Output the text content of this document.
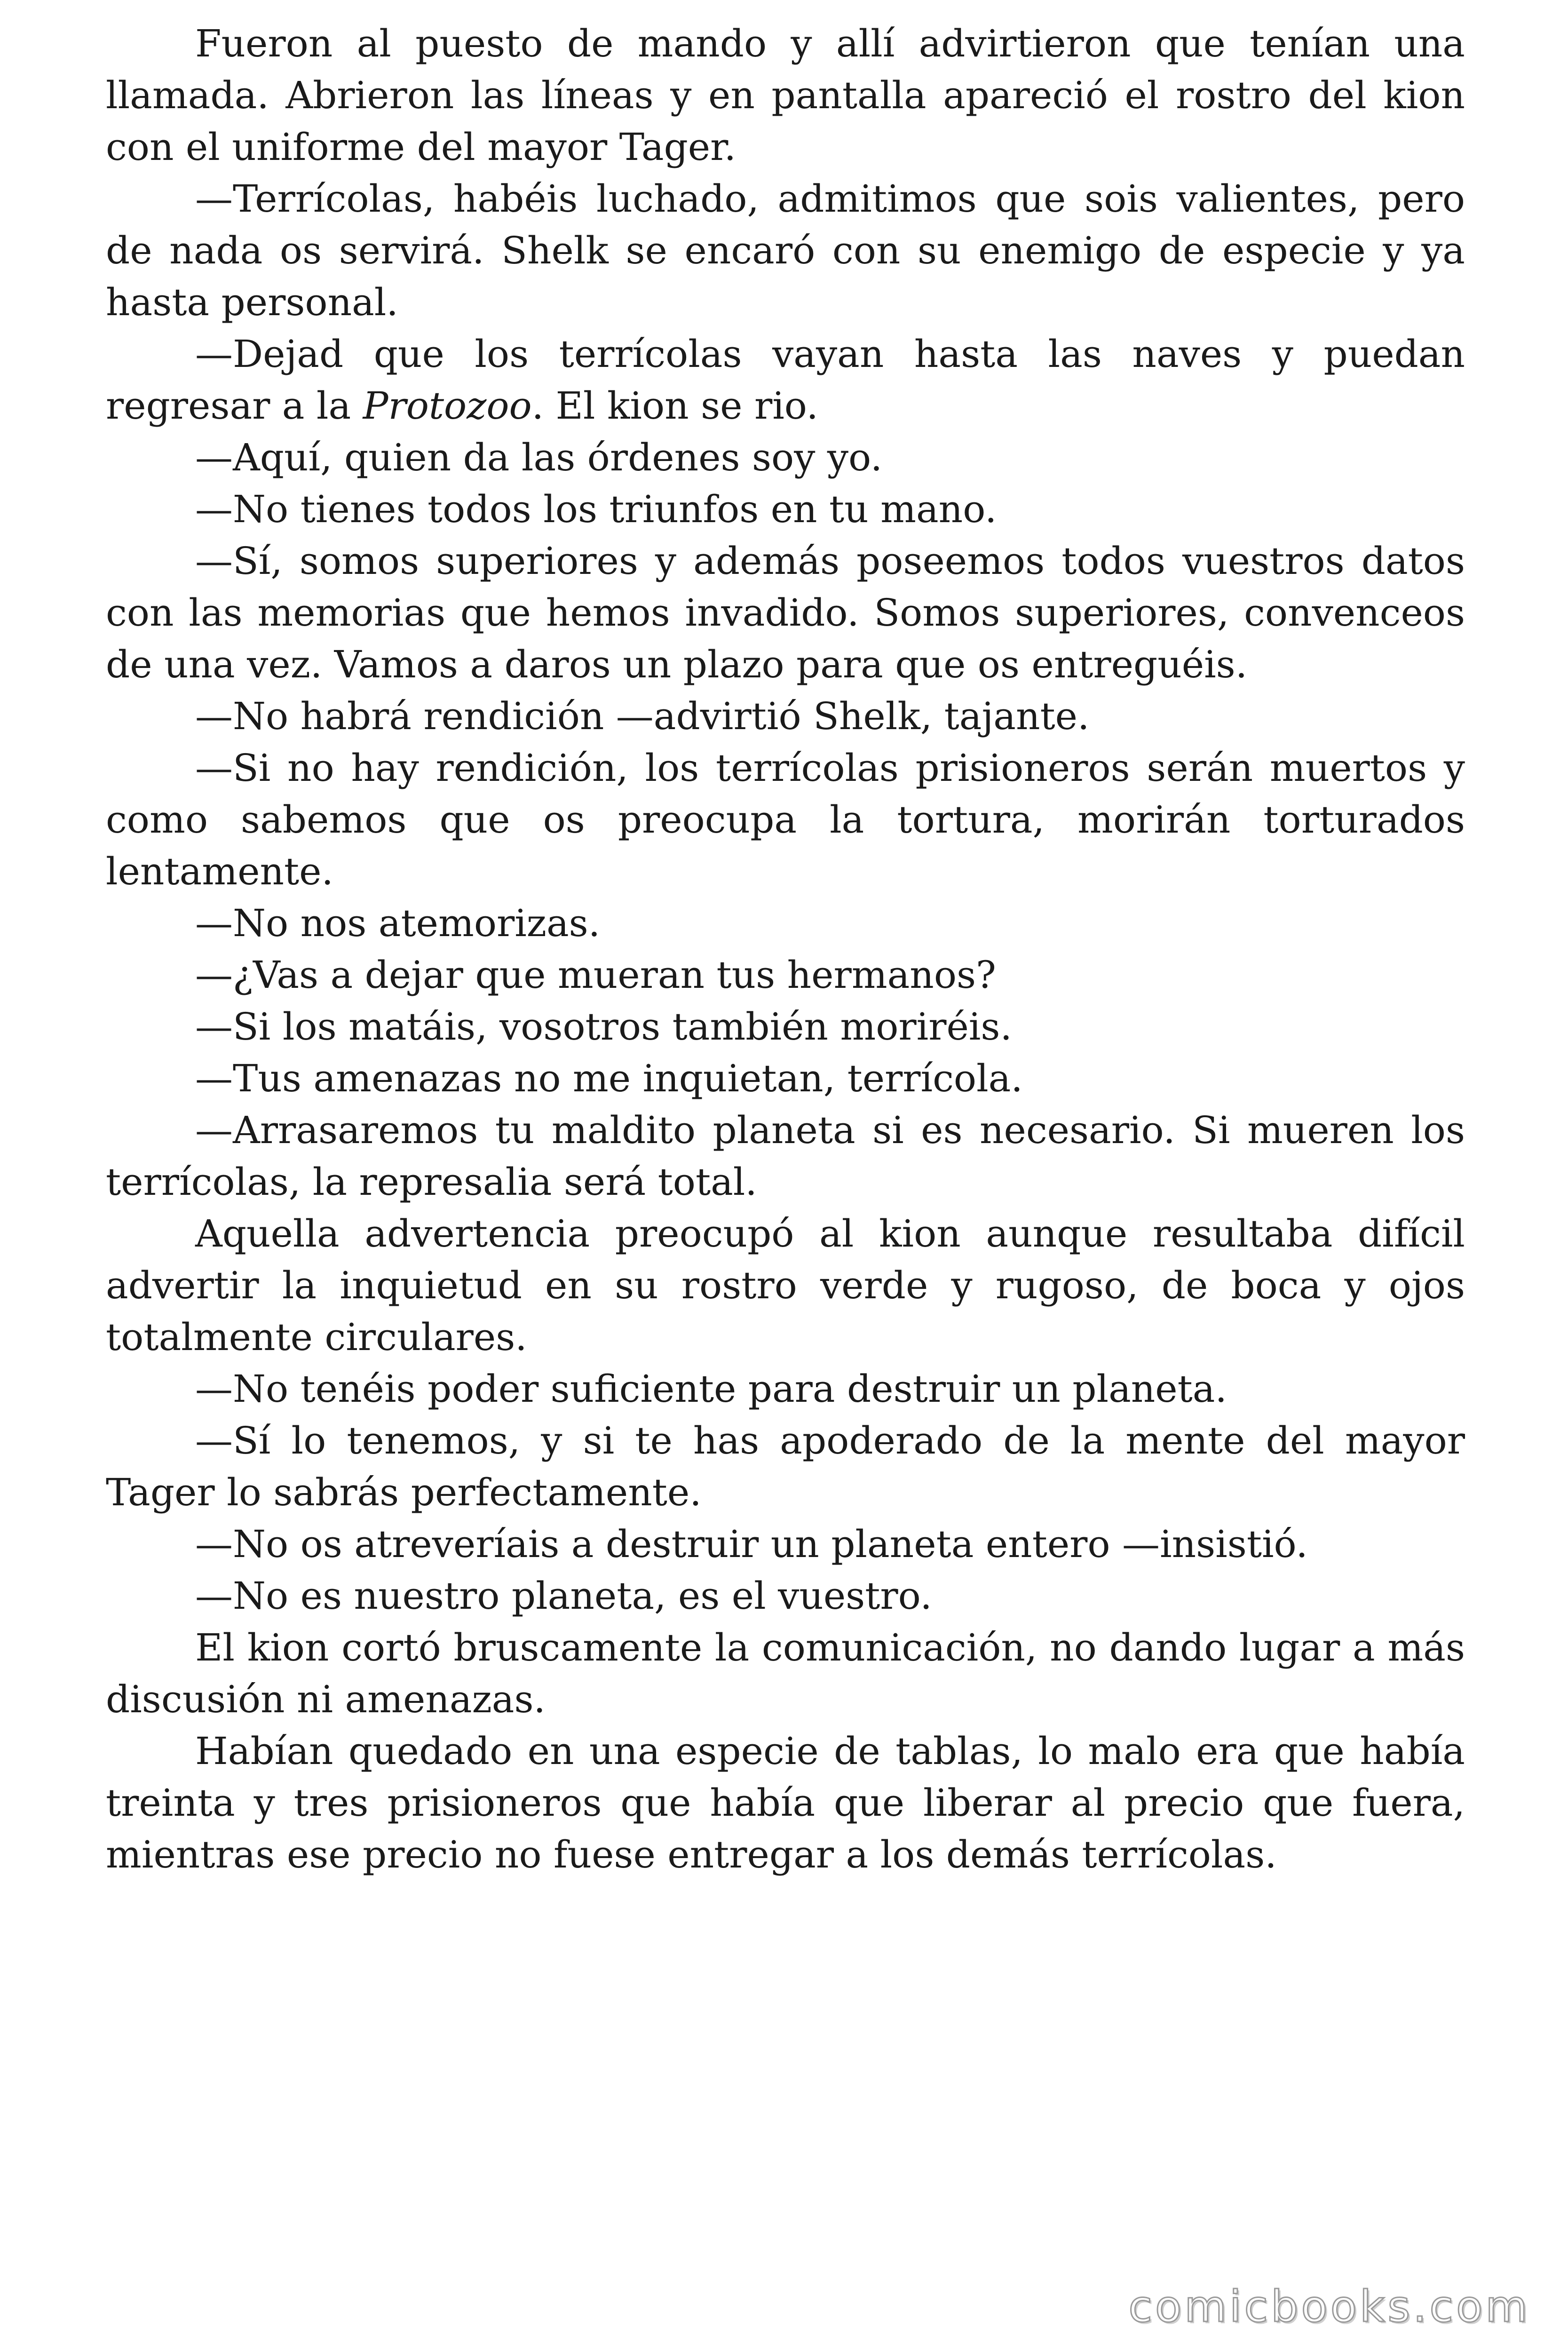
Fueron al puesto de mando y allí advirtieron que tenían una llamada. Abrieron las líneas y en pantalla apareció el rostro del kion con el uniforme del mayor Tager.

—Terrícolas, habéis luchado, admitimos que sois valientes, pero de nada os servirá. Shelk se encaró con su enemigo de especie y ya hasta personal.

—Dejad que los terrícolas vayan hasta las naves y puedan regresar a la Protozoo. El kion se rio.

—Aquí, quien da las órdenes soy yo.

—No tienes todos los triunfos en tu mano.

—Sí, somos superiores y además poseemos todos vuestros datos con las memorias que hemos invadido. Somos superiores, convenceos de una vez. Vamos a daros un plazo para que os entreguéis.

—No habrá rendición —advirtió Shelk, tajante.

—Si no hay rendición, los terrícolas prisioneros serán muertos y como sabemos que os preocupa la tortura, morirán torturados lentamente.

—No nos atemorizas.

—¿Vas a dejar que mueran tus hermanos?

—Si los matáis, vosotros también moriréis.

—Tus amenazas no me inquietan, terrícola.

—Arrasaremos tu maldito planeta si es necesario. Si mueren los terrícolas, la represalia será total.

Aquella advertencia preocupó al kion aunque resultaba difícil advertir la inquietud en su rostro verde y rugoso, de boca y ojos totalmente circulares.

—No tenéis poder suficiente para destruir un planeta.

—Sí lo tenemos, y si te has apoderado de la mente del mayor Tager lo sabrás perfectamente.

—No os atreveríais a destruir un planeta entero —insistió.

—No es nuestro planeta, es el vuestro.

El kion cortó bruscamente la comunicación, no dando lugar a más discusión ni amenazas.

Habían quedado en una especie de tablas, lo malo era que había treinta y tres prisioneros que había que liberar al precio que fuera, mientras ese precio no fuese entregar a los demás terrícolas.

comicbooks.com
